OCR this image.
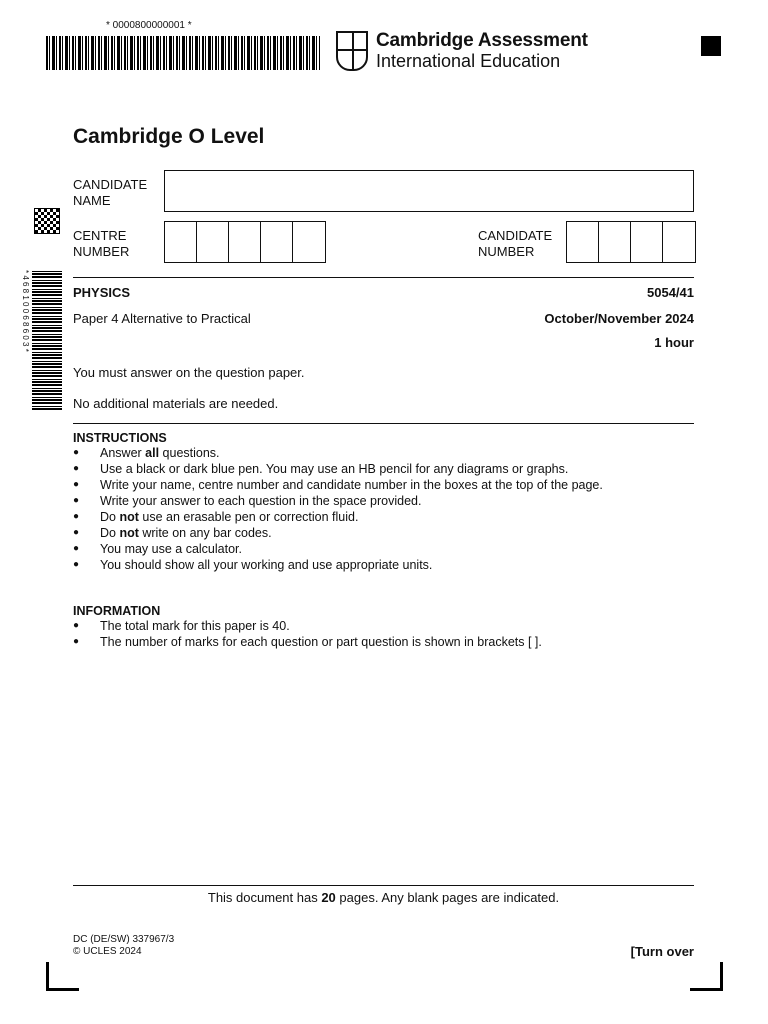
* 0000800000001 *
Cambridge Assessment
International Education
* 4 6 8 1 0 0 6 8 6 0 3 *
Cambridge O Level
CANDIDATE
NAME
CENTRE
NUMBER
CANDIDATE
NUMBER
PHYSICS	5054/41
Paper 4 Alternative to Practical	October/November 2024
1 hour
You must answer on the question paper.
No additional materials are needed.
INSTRUCTIONS
● Answer all questions.
● Use a black or dark blue pen. You may use an HB pencil for any diagrams or graphs.
● Write your name, centre number and candidate number in the boxes at the top of the page.
● Write your answer to each question in the space provided.
● Do not use an erasable pen or correction fluid.
● Do not write on any bar codes.
● You may use a calculator.
● You should show all your working and use appropriate units.
INFORMATION
● The total mark for this paper is 40.
● The number of marks for each question or part question is shown in brackets [ ].
This document has 20 pages. Any blank pages are indicated.
DC (DE/SW) 337967/3
© UCLES 2024	[Turn over
